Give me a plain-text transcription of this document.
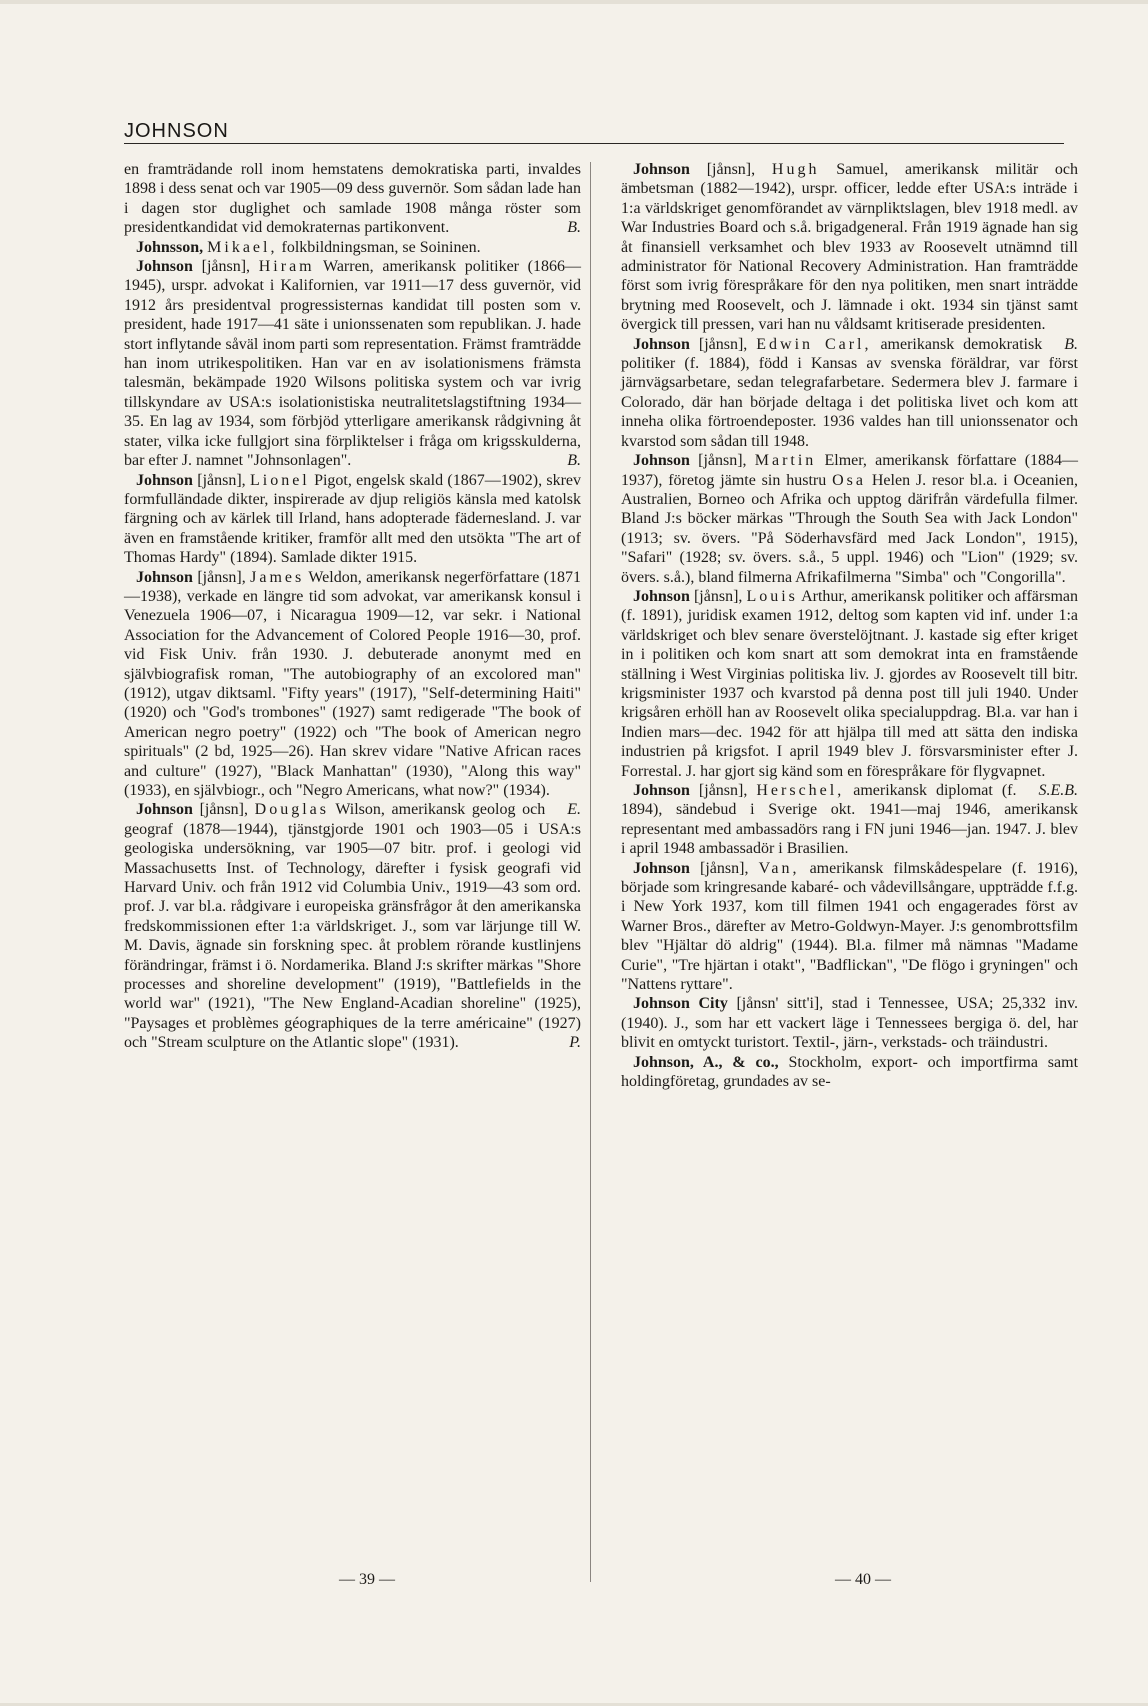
JOHNSON

en framträdande roll inom hemstatens demokratiska parti, invaldes 1898 i dess senat och var 1905—09 dess guvernör. Som sådan lade han i dagen stor duglighet och samlade 1908 många röster som presidentkandidat vid demokraternas partikonvent.	B.

Johnsson, Mikael, folkbildningsman, se Soininen.

Johnson [jånsn], Hiram Warren, amerikansk politiker (1866—1945), urspr. advokat i Kalifornien, var 1911—17 dess guvernör, vid 1912 års presidentval progressisternas kandidat till posten som v. president, hade 1917—41 säte i unionssenaten som republikan. J. hade stort inflytande såväl inom parti som representation. Främst framträdde han inom utrikespolitiken. Han var en av isolationismens främsta talesmän, bekämpade 1920 Wilsons politiska system och var ivrig tillskyndare av USA:s isolationistiska neutralitetslagstiftning 1934—35. En lag av 1934, som förbjöd ytterligare amerikansk rådgivning åt stater, vilka icke fullgjort sina förpliktelser i fråga om krigsskulderna, bar efter J. namnet "Johnsonlagen".	B.

Johnson [jånsn], Lionel Pigot, engelsk skald (1867—1902), skrev formfulländade dikter, inspirerade av djup religiös känsla med katolsk färgning och av kärlek till Irland, hans adopterade fädernesland. J. var även en framstående kritiker, framför allt med den utsökta "The art of Thomas Hardy" (1894). Samlade dikter 1915.

Johnson [jånsn], James Weldon, amerikansk negerförfattare (1871—1938), verkade en längre tid som advokat, var amerikansk konsul i Venezuela 1906—07, i Nicaragua 1909—12, var sekr. i National Association for the Advancement of Colored People 1916—30, prof. vid Fisk Univ. från 1930. J. debuterade anonymt med en självbiografisk roman, "The autobiography of an excolored man" (1912), utgav diktsaml. "Fifty years" (1917), "Self-determining Haiti" (1920) och "God's trombones" (1927) samt redigerade "The book of American negro poetry" (1922) och "The book of American negro spirituals" (2 bd, 1925—26). Han skrev vidare "Native African races and culture" (1927), "Black Manhattan" (1930), "Along this way" (1933), en självbiogr., och "Negro Americans, what now?" (1934).
E.

Johnson [jånsn], Douglas Wilson, amerikansk geolog och geograf (1878—1944), tjänstgjorde 1901 och 1903—05 i USA:s geologiska undersökning, var 1905—07 bitr. prof. i geologi vid Massachusetts Inst. of Technology, därefter i fysisk geografi vid Harvard Univ. och från 1912 vid Columbia Univ., 1919—43 som ord. prof. J. var bl.a. rådgivare i europeiska gränsfrågor åt den amerikanska fredskommissionen efter 1:a världskriget. J., som var lärjunge till W. M. Davis, ägnade sin forskning spec. åt problem rörande kustlinjens förändringar, främst i ö. Nordamerika. Bland J:s skrifter märkas "Shore processes and shoreline development" (1919), "Battlefields in the world war" (1921), "The New England-Acadian shoreline" (1925), "Paysages et problèmes géographiques de la terre américaine" (1927) och "Stream sculpture on the Atlantic slope" (1931).	P.

Johnson [jånsn], Hugh Samuel, amerikansk militär och ämbetsman (1882—1942), urspr. officer, ledde efter USA:s inträde i 1:a världskriget genomförandet av värnpliktslagen, blev 1918 medl. av War Industries Board och s.å. brigadgeneral. Från 1919 ägnade han sig åt finansiell verksamhet och blev 1933 av Roosevelt utnämnd till administrator för National Recovery Administration. Han framträdde först som ivrig förespråkare för den nya politiken, men snart inträdde brytning med Roosevelt, och J. lämnade i okt. 1934 sin tjänst samt övergick till pressen, vari han nu våldsamt kritiserade presidenten.
B.

Johnson [jånsn], Edwin Carl, amerikansk demokratisk politiker (f. 1884), född i Kansas av svenska föräldrar, var först järnvägsarbetare, sedan telegrafarbetare. Sedermera blev J. farmare i Colorado, där han började deltaga i det politiska livet och kom att inneha olika förtroendeposter. 1936 valdes han till unionssenator och kvarstod som sådan till 1948.

Johnson [jånsn], Martin Elmer, amerikansk författare (1884—1937), företog jämte sin hustru Osa Helen J. resor bl.a. i Oceanien, Australien, Borneo och Afrika och upptog därifrån värdefulla filmer. Bland J:s böcker märkas "Through the South Sea with Jack London" (1913; sv. övers. "På Söderhavsfärd med Jack London", 1915), "Safari" (1928; sv. övers. s.å., 5 uppl. 1946) och "Lion" (1929; sv. övers. s.å.), bland filmerna Afrikafilmerna "Simba" och "Congorilla".

Johnson [jånsn], Louis Arthur, amerikansk politiker och affärsman (f. 1891), juridisk examen 1912, deltog som kapten vid inf. under 1:a världskriget och blev senare överstelöjtnant. J. kastade sig efter kriget in i politiken och kom snart att som demokrat inta en framstående ställning i West Virginias politiska liv. J. gjordes av Roosevelt till bitr. krigsminister 1937 och kvarstod på denna post till juli 1940. Under krigsåren erhöll han av Roosevelt olika specialuppdrag. Bl.a. var han i Indien mars—dec. 1942 för att hjälpa till med att sätta den indiska industrien på krigsfot. I april 1949 blev J. försvarsminister efter J. Forrestal. J. har gjort sig känd som en förespråkare för flygvapnet.
S.E.B.

Johnson [jånsn], Herschel, amerikansk diplomat (f. 1894), sändebud i Sverige okt. 1941—maj 1946, amerikansk representant med ambassadörs rang i FN juni 1946—jan. 1947. J. blev i april 1948 ambassadör i Brasilien.

Johnson [jånsn], Van, amerikansk filmskådespelare (f. 1916), började som kringresande kabaré- och vådevillsångare, uppträdde f.f.g. i New York 1937, kom till filmen 1941 och engagerades först av Warner Bros., därefter av Metro-Goldwyn-Mayer. J:s genombrottsfilm blev "Hjältar dö aldrig" (1944). Bl.a. filmer må nämnas "Madame Curie", "Tre hjärtan i otakt", "Badflickan", "De flögo i gryningen" och "Nattens ryttare".

Johnson City [jånsn' sitt'i], stad i Tennessee, USA; 25,332 inv. (1940). J., som har ett vackert läge i Tennessees bergiga ö. del, har blivit en omtyckt turistort. Textil-, järn-, verkstads- och träindustri.

Johnson, A., & co., Stockholm, export- och importfirma samt holdingföretag, grundades av se-

— 39 —	— 40 —
